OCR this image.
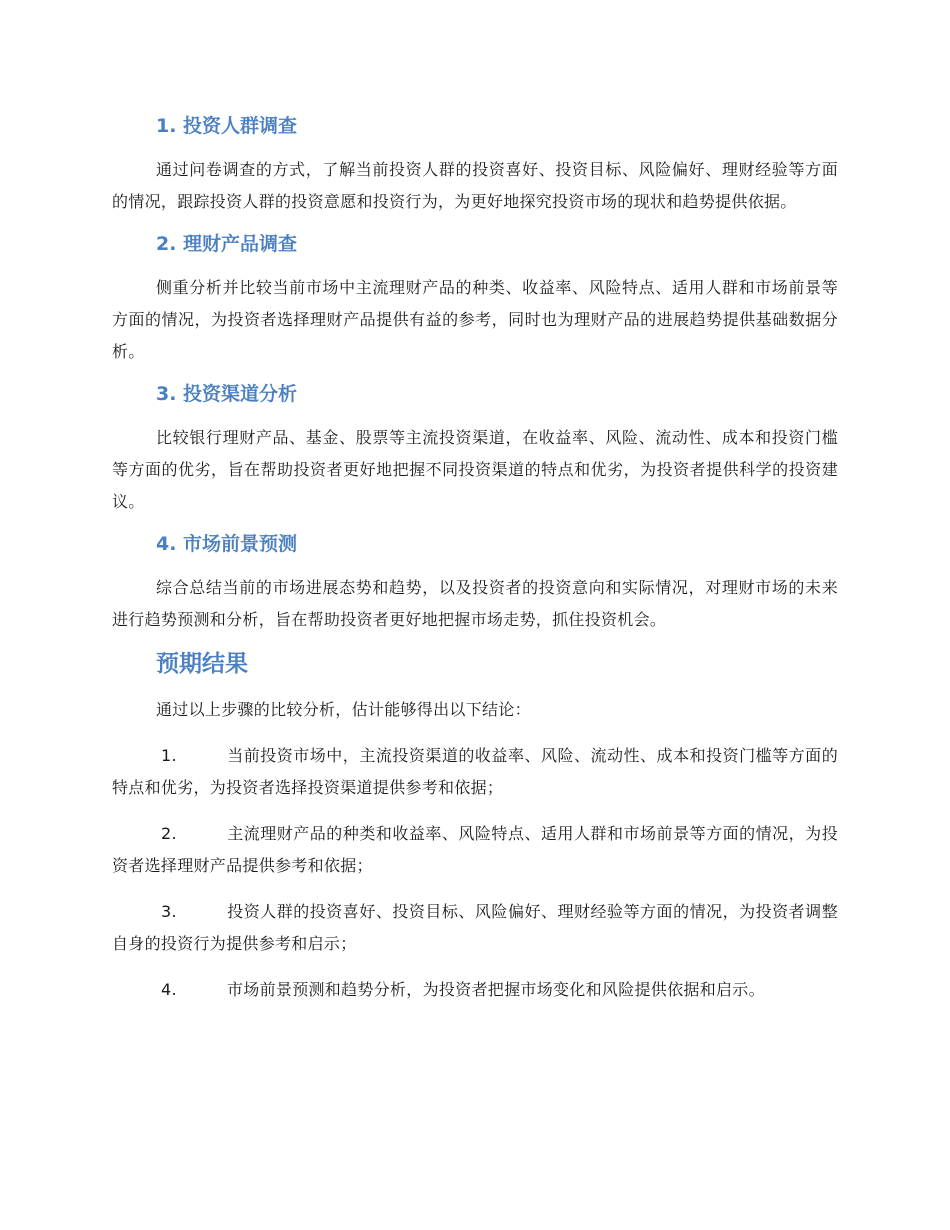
1. 投资人群调查

通过问卷调查的方式，了解当前投资人群的投资喜好、投资目标、风险偏好、理财经验等方面的情况，跟踪投资人群的投资意愿和投资行为，为更好地探究投资市场的现状和趋势提供依据。

2. 理财产品调查

侧重分析并比较当前市场中主流理财产品的种类、收益率、风险特点、适用人群和市场前景等方面的情况，为投资者选择理财产品提供有益的参考，同时也为理财产品的进展趋势提供基础数据分析。

3. 投资渠道分析

比较银行理财产品、基金、股票等主流投资渠道，在收益率、风险、流动性、成本和投资门槛等方面的优劣，旨在帮助投资者更好地把握不同投资渠道的特点和优劣，为投资者提供科学的投资建议。

4. 市场前景预测

综合总结当前的市场进展态势和趋势，以及投资者的投资意向和实际情况，对理财市场的未来进行趋势预测和分析，旨在帮助投资者更好地把握市场走势，抓住投资机会。

预期结果

通过以上步骤的比较分析，估计能够得出以下结论：

1.	当前投资市场中，主流投资渠道的收益率、风险、流动性、成本和投资门槛等方面的特点和优劣，为投资者选择投资渠道提供参考和依据；

2.	主流理财产品的种类和收益率、风险特点、适用人群和市场前景等方面的情况，为投资者选择理财产品提供参考和依据；

3.	投资人群的投资喜好、投资目标、风险偏好、理财经验等方面的情况，为投资者调整自身的投资行为提供参考和启示；

4.	市场前景预测和趋势分析，为投资者把握市场变化和风险提供依据和启示。
